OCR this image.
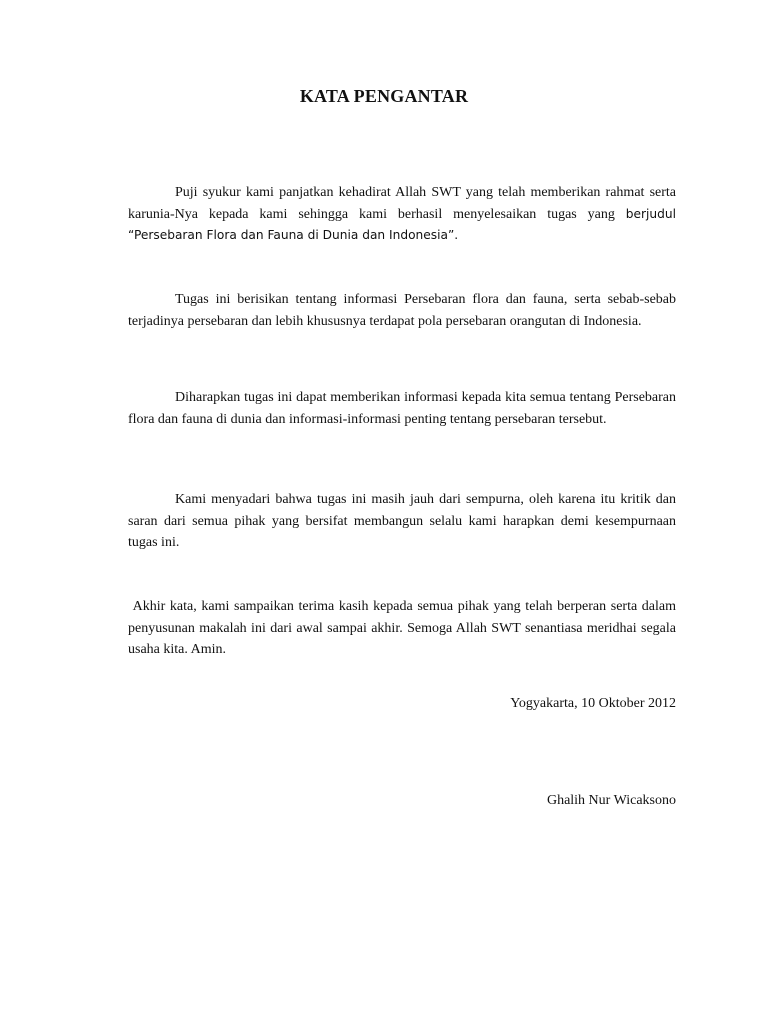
KATA PENGANTAR

Puji syukur kami panjatkan kehadirat Allah SWT yang telah memberikan rahmat serta karunia-Nya kepada kami sehingga kami berhasil menyelesaikan tugas yang berjudul “Persebaran Flora dan Fauna di Dunia dan Indonesia”.

Tugas ini berisikan tentang informasi Persebaran flora dan fauna, serta sebab-sebab terjadinya persebaran dan lebih khususnya terdapat pola persebaran orangutan di Indonesia.

Diharapkan tugas ini dapat memberikan informasi kepada kita semua tentang Persebaran flora dan fauna di dunia dan informasi-informasi penting tentang persebaran tersebut.

Kami menyadari bahwa tugas ini masih jauh dari sempurna, oleh karena itu kritik dan saran dari semua pihak yang bersifat membangun selalu kami harapkan demi kesempurnaan tugas ini.

Akhir kata, kami sampaikan terima kasih kepada semua pihak yang telah berperan serta dalam penyusunan makalah ini dari awal sampai akhir. Semoga Allah SWT senantiasa meridhai segala usaha kita. Amin.

Yogyakarta, 10 Oktober 2012
Ghalih Nur Wicaksono
